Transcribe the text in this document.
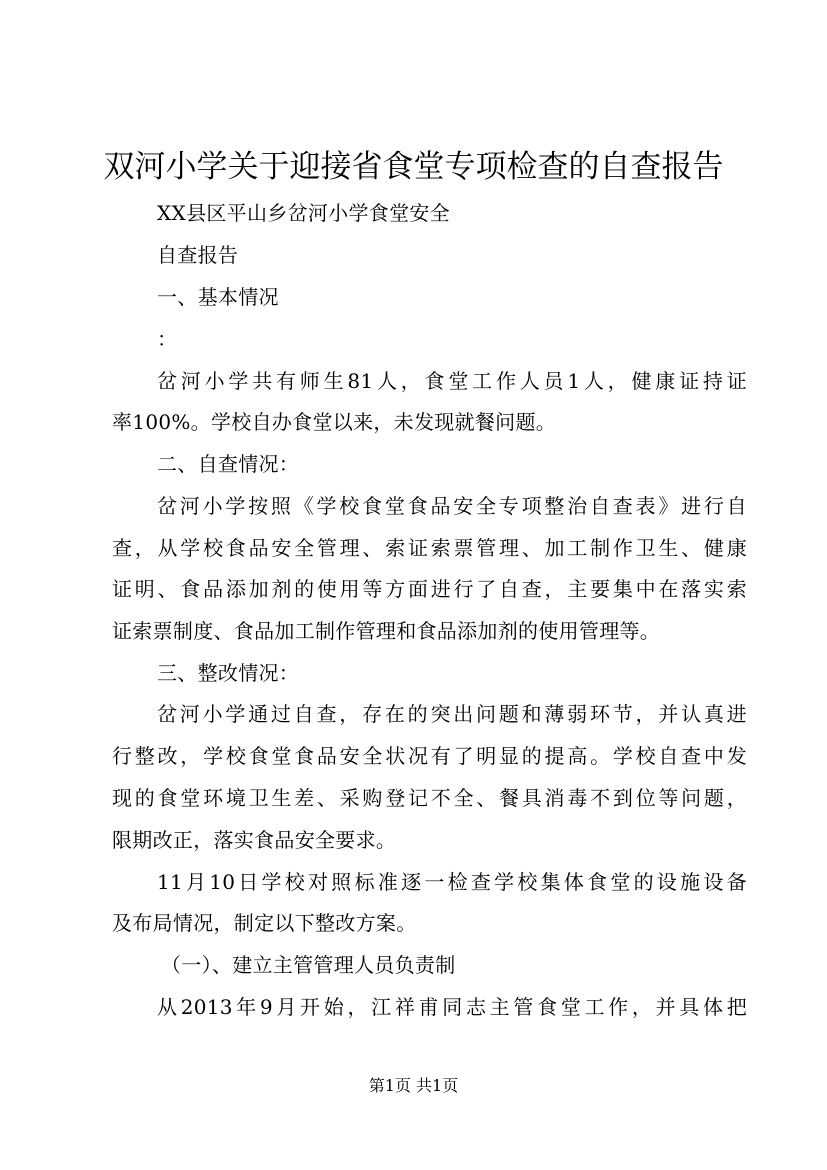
双河小学关于迎接省食堂专项检查的自查报告
XX县区平山乡岔河小学食堂安全
自查报告
一、基本情况
：
岔河小学共有师生81人，食堂工作人员1人，健康证持证
率100%。学校自办食堂以来，未发现就餐问题。
二、自查情况：
岔河小学按照《学校食堂食品安全专项整治自查表》进行自
查，从学校食品安全管理、索证索票管理、加工制作卫生、健康
证明、食品添加剂的使用等方面进行了自查，主要集中在落实索
证索票制度、食品加工制作管理和食品添加剂的使用管理等。
三、整改情况：
岔河小学通过自查，存在的突出问题和薄弱环节，并认真进
行整改，学校食堂食品安全状况有了明显的提高。学校自查中发
现的食堂环境卫生差、采购登记不全、餐具消毒不到位等问题，
限期改正，落实食品安全要求。
11月10日学校对照标准逐一检查学校集体食堂的设施设备
及布局情况，制定以下整改方案。
（一）、建立主管管理人员负责制
从2013年9月开始，江祥甫同志主管食堂工作，并具体把
第1页 共1页
